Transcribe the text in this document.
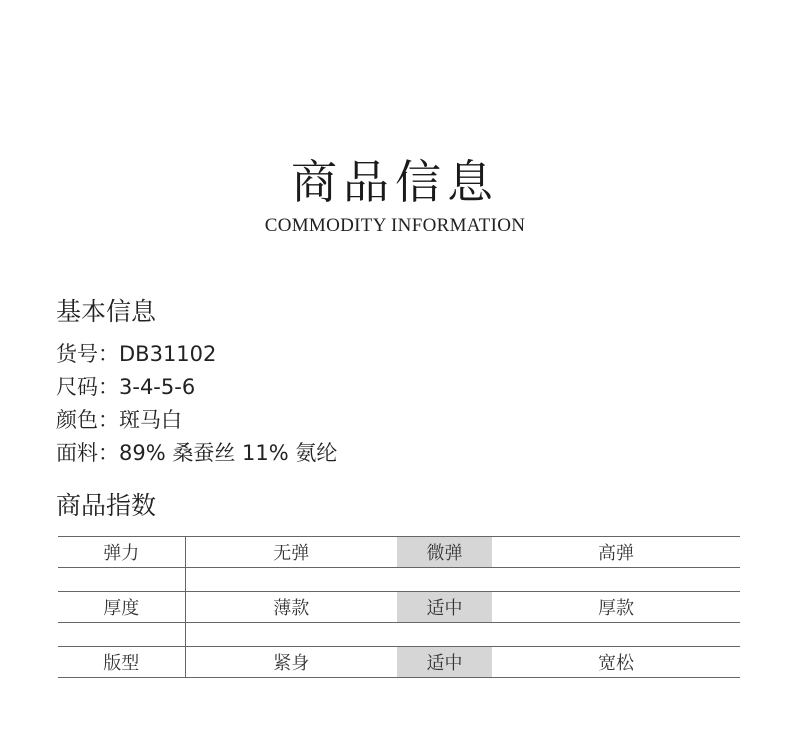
商品信息
COMMODITY INFORMATION
基本信息
货号：DB31102
尺码：3-4-5-6
颜色：斑马白
面料：89% 桑蚕丝 11% 氨纶
商品指数
弹力	无弹	微弹	高弹

厚度	薄款	适中	厚款

版型	紧身	适中	宽松
